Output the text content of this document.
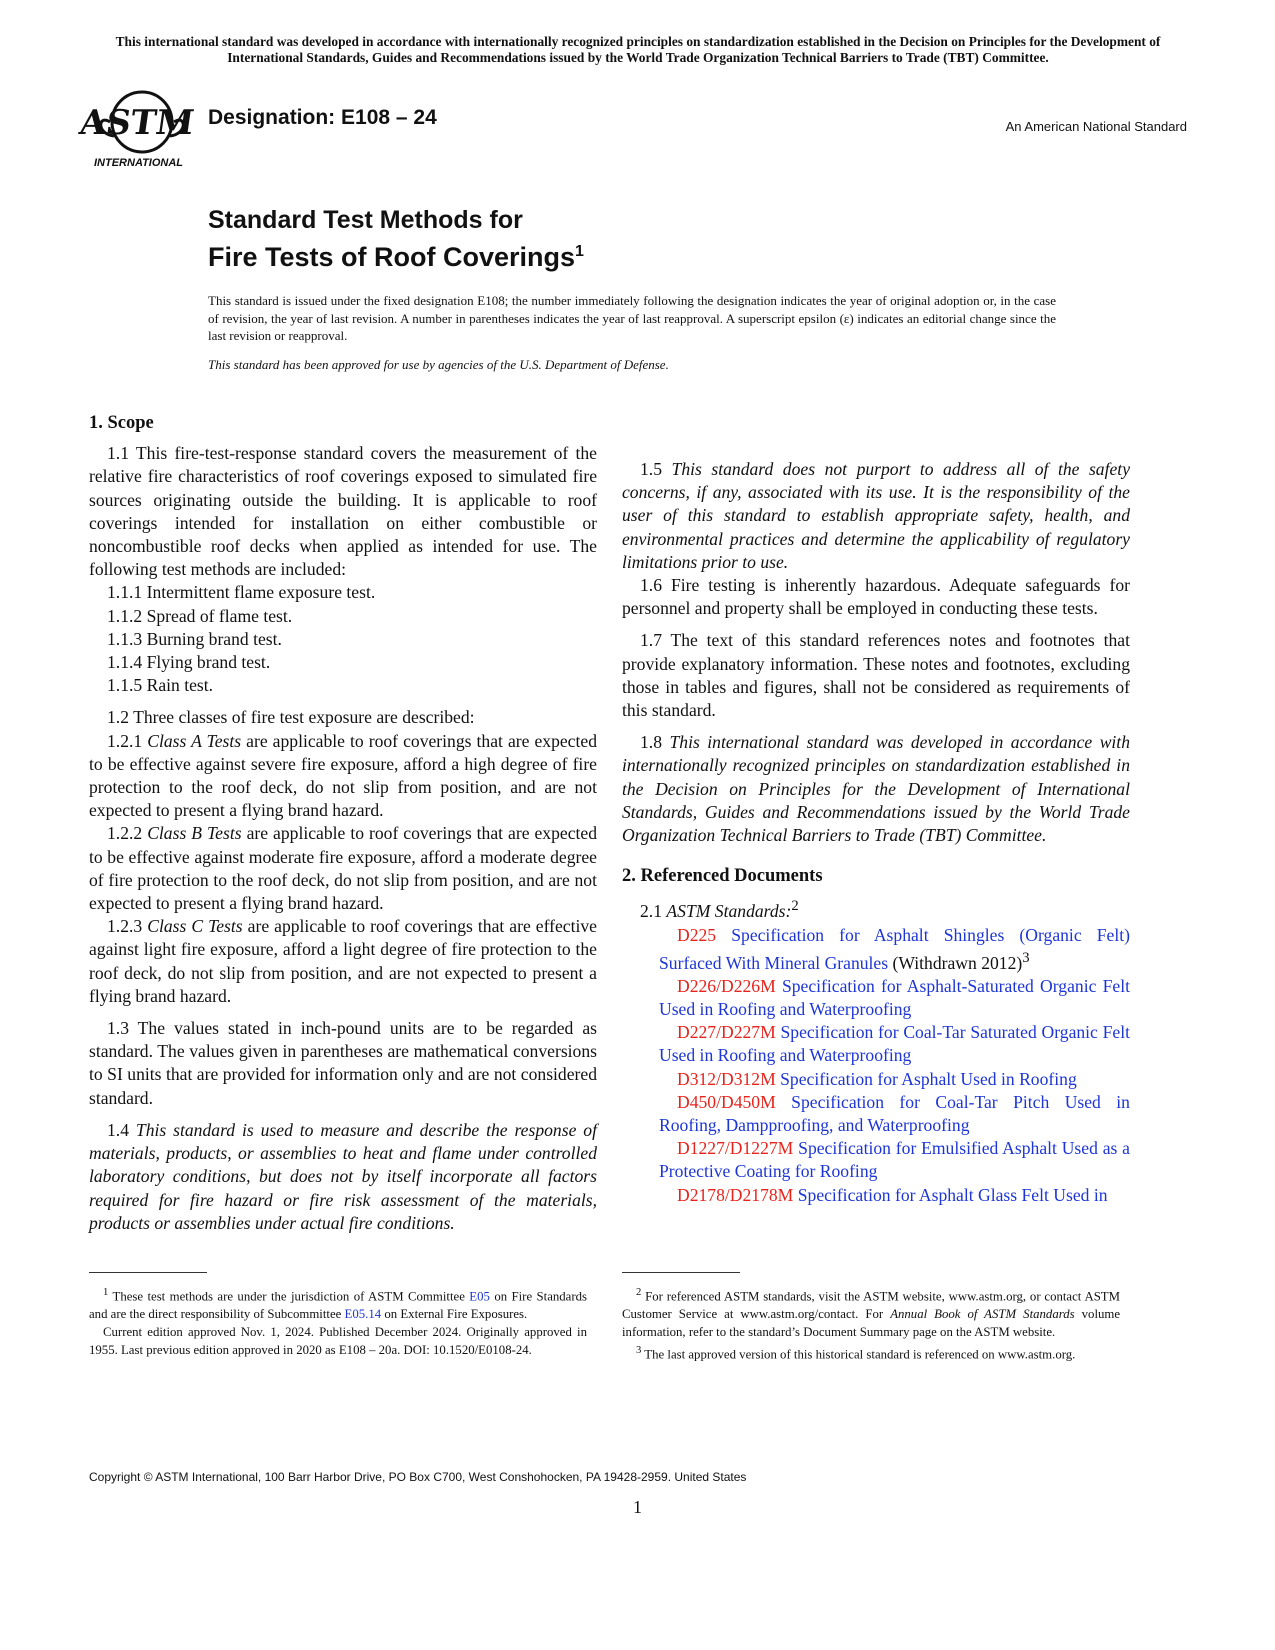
This international standard was developed in accordance with internationally recognized principles on standardization established in the Decision on Principles for the Development of International Standards, Guides and Recommendations issued by the World Trade Organization Technical Barriers to Trade (TBT) Committee.
ASTM
INTERNATIONAL
Designation: E108 – 24	An American National Standard
Standard Test Methods for
Fire Tests of Roof Coverings$^1$
This standard is issued under the fixed designation E108; the number immediately following the designation indicates the year of original adoption or, in the case of revision, the year of last revision. A number in parentheses indicates the year of last reapproval. A superscript epsilon (ε) indicates an editorial change since the last revision or reapproval.
This standard has been approved for use by agencies of the U.S. Department of Defense.
1. Scope

1.1 This fire-test-response standard covers the measurement of the relative fire characteristics of roof coverings exposed to simulated fire sources originating outside the building. It is applicable to roof coverings intended for installation on either combustible or noncombustible roof decks when applied as intended for use. The following test methods are included:

1.1.1 Intermittent flame exposure test.

1.1.2 Spread of flame test.

1.1.3 Burning brand test.

1.1.4 Flying brand test.

1.1.5 Rain test.

1.2 Three classes of fire test exposure are described:

1.2.1 Class A Tests are applicable to roof coverings that are expected to be effective against severe fire exposure, afford a high degree of fire protection to the roof deck, do not slip from position, and are not expected to present a flying brand hazard.

1.2.2 Class B Tests are applicable to roof coverings that are expected to be effective against moderate fire exposure, afford a moderate degree of fire protection to the roof deck, do not slip from position, and are not expected to present a flying brand hazard.

1.2.3 Class C Tests are applicable to roof coverings that are effective against light fire exposure, afford a light degree of fire protection to the roof deck, do not slip from position, and are not expected to present a flying brand hazard.

1.3 The values stated in inch-pound units are to be regarded as standard. The values given in parentheses are mathematical conversions to SI units that are provided for information only and are not considered standard.

1.4 This standard is used to measure and describe the response of materials, products, or assemblies to heat and flame under controlled laboratory conditions, but does not by itself incorporate all factors required for fire hazard or fire risk assessment of the materials, products or assemblies under actual fire conditions.

1.5 This standard does not purport to address all of the safety concerns, if any, associated with its use. It is the responsibility of the user of this standard to establish appropriate safety, health, and environmental practices and determine the applicability of regulatory limitations prior to use.

1.6 Fire testing is inherently hazardous. Adequate safeguards for personnel and property shall be employed in conducting these tests.

1.7 The text of this standard references notes and footnotes that provide explanatory information. These notes and footnotes, excluding those in tables and figures, shall not be considered as requirements of this standard.

1.8 This international standard was developed in accordance with internationally recognized principles on standardization established in the Decision on Principles for the Development of International Standards, Guides and Recommendations issued by the World Trade Organization Technical Barriers to Trade (TBT) Committee.

2. Referenced Documents

2.1 ASTM Standards:$^2$

D225 Specification for Asphalt Shingles (Organic Felt) Surfaced With Mineral Granules (Withdrawn 2012)$^3$

D226/D226M Specification for Asphalt-Saturated Organic Felt Used in Roofing and Waterproofing

D227/D227M Specification for Coal-Tar Saturated Organic Felt Used in Roofing and Waterproofing

D312/D312M Specification for Asphalt Used in Roofing

D450/D450M Specification for Coal-Tar Pitch Used in Roofing, Dampproofing, and Waterproofing

D1227/D1227M Specification for Emulsified Asphalt Used as a Protective Coating for Roofing

D2178/D2178M Specification for Asphalt Glass Felt Used in

$^1$ These test methods are under the jurisdiction of ASTM Committee E05 on Fire Standards and are the direct responsibility of Subcommittee E05.14 on External Fire Exposures.

Current edition approved Nov. 1, 2024. Published December 2024. Originally approved in 1955. Last previous edition approved in 2020 as E108 – 20a. DOI: 10.1520/E0108-24.

$^2$ For referenced ASTM standards, visit the ASTM website, www.astm.org, or contact ASTM Customer Service at www.astm.org/contact. For Annual Book of ASTM Standards volume information, refer to the standard’s Document Summary page on the ASTM website.

$^3$ The last approved version of this historical standard is referenced on www.astm.org.

Copyright © ASTM International, 100 Barr Harbor Drive, PO Box C700, West Conshohocken, PA 19428-2959. United States
1
